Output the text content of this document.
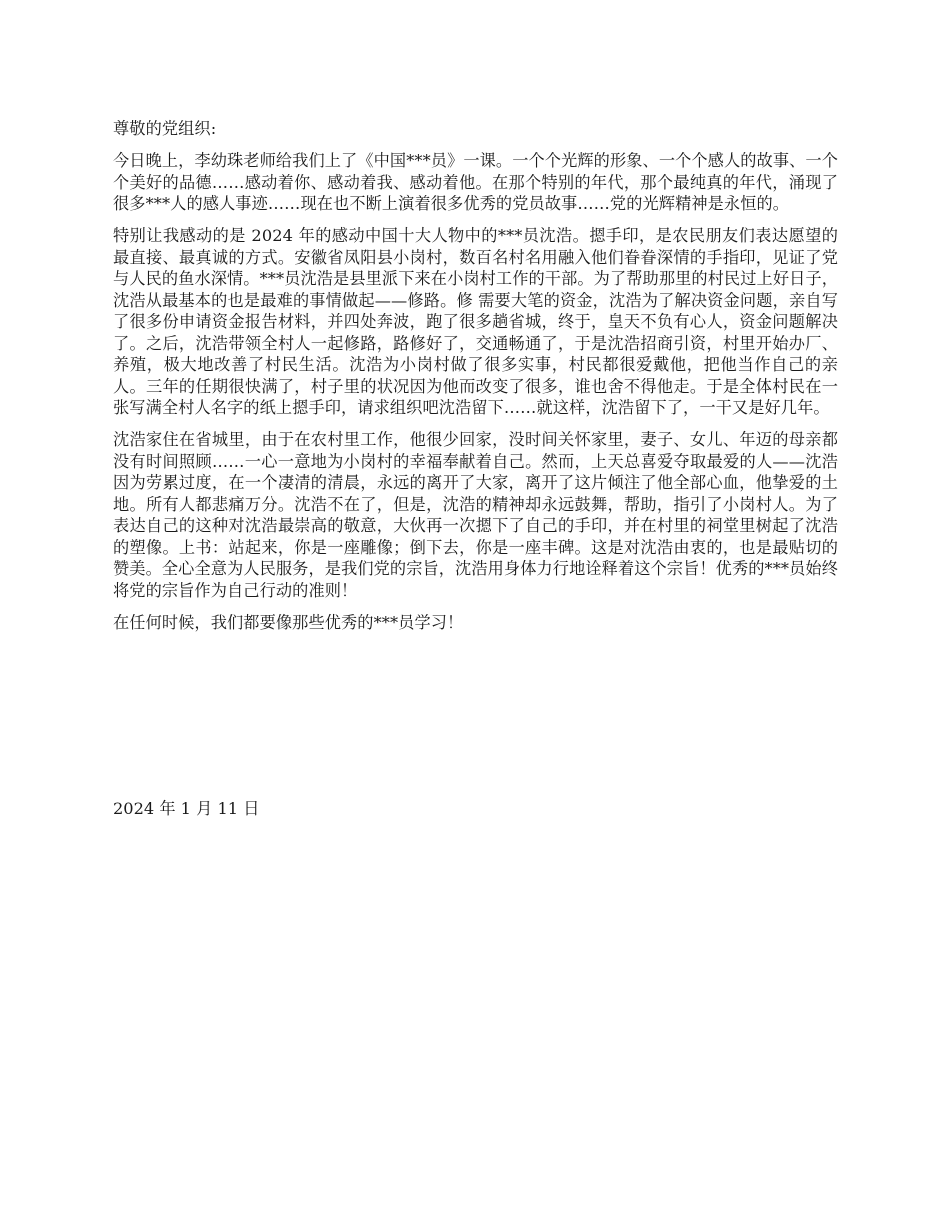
尊敬的党组织:

今日晚上，李幼珠老师给我们上了《中国***员》一课。一个个光辉的形象、一个个感人的故事、一个个美好的品德……感动着你、感动着我、感动着他。在那个特别的年代，那个最纯真的年代，涌现了很多***人的感人事迹……现在也不断上演着很多优秀的党员故事……党的光辉精神是永恒的。

特别让我感动的是 2024 年的感动中国十大人物中的***员沈浩。摁手印，是农民朋友们表达愿望的最直接、最真诚的方式。安徽省凤阳县小岗村，数百名村名用融入他们眷眷深情的手指印，见证了党与人民的鱼水深情。***员沈浩是县里派下来在小岗村工作的干部。为了帮助那里的村民过上好日子，沈浩从最基本的也是最难的事情做起——修路。修 需要大笔的资金，沈浩为了解决资金问题，亲自写了很多份申请资金报告材料，并四处奔波，跑了很多趟省城，终于，皇天不负有心人，资金问题解决了。之后，沈浩带领全村人一起修路，路修好了，交通畅通了，于是沈浩招商引资，村里开始办厂、养殖，极大地改善了村民生活。沈浩为小岗村做了很多实事，村民都很爱戴他，把他当作自己的亲人。三年的任期很快满了，村子里的状况因为他而改变了很多，谁也舍不得他走。于是全体村民在一张写满全村人名字的纸上摁手印，请求组织吧沈浩留下……就这样，沈浩留下了，一干又是好几年。

沈浩家住在省城里，由于在农村里工作，他很少回家，没时间关怀家里，妻子、女儿、年迈的母亲都没有时间照顾……一心一意地为小岗村的幸福奉献着自己。然而，上天总喜爱夺取最爱的人——沈浩因为劳累过度，在一个凄清的清晨，永远的离开了大家，离开了这片倾注了他全部心血，他挚爱的土地。所有人都悲痛万分。沈浩不在了，但是，沈浩的精神却永远鼓舞，帮助，指引了小岗村人。为了表达自己的这种对沈浩最崇高的敬意，大伙再一次摁下了自己的手印，并在村里的祠堂里树起了沈浩的塑像。上书：站起来，你是一座雕像；倒下去，你是一座丰碑。这是对沈浩由衷的，也是最贴切的赞美。全心全意为人民服务，是我们党的宗旨，沈浩用身体力行地诠释着这个宗旨！优秀的***员始终将党的宗旨作为自己行动的准则！

在任何时候，我们都要像那些优秀的***员学习！

2024 年 1 月 11 日
